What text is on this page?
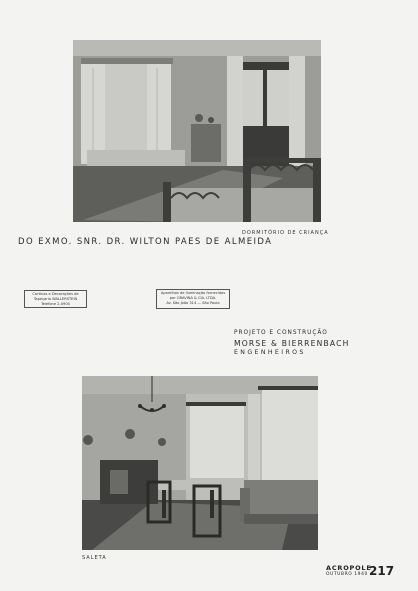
DORMITÓRIO DE CRIANÇA
DO EXMO. SNR. DR. WILTON PAES DE ALMEIDA
Cortinas e Decorações de
Tapeçaria WALLERSTEIN
Telefone 2-0900
Aparelhos de iluminação fornecidos
por GRAVINA & CIA. LTDA.
Av. São João 314 — São Paulo
PROJETO E CONSTRUÇÃO
MORSE & BIERRENBACH
ENGENHEIROS
SALETA
ACROPOLE
OUTUBRO 1940 217
